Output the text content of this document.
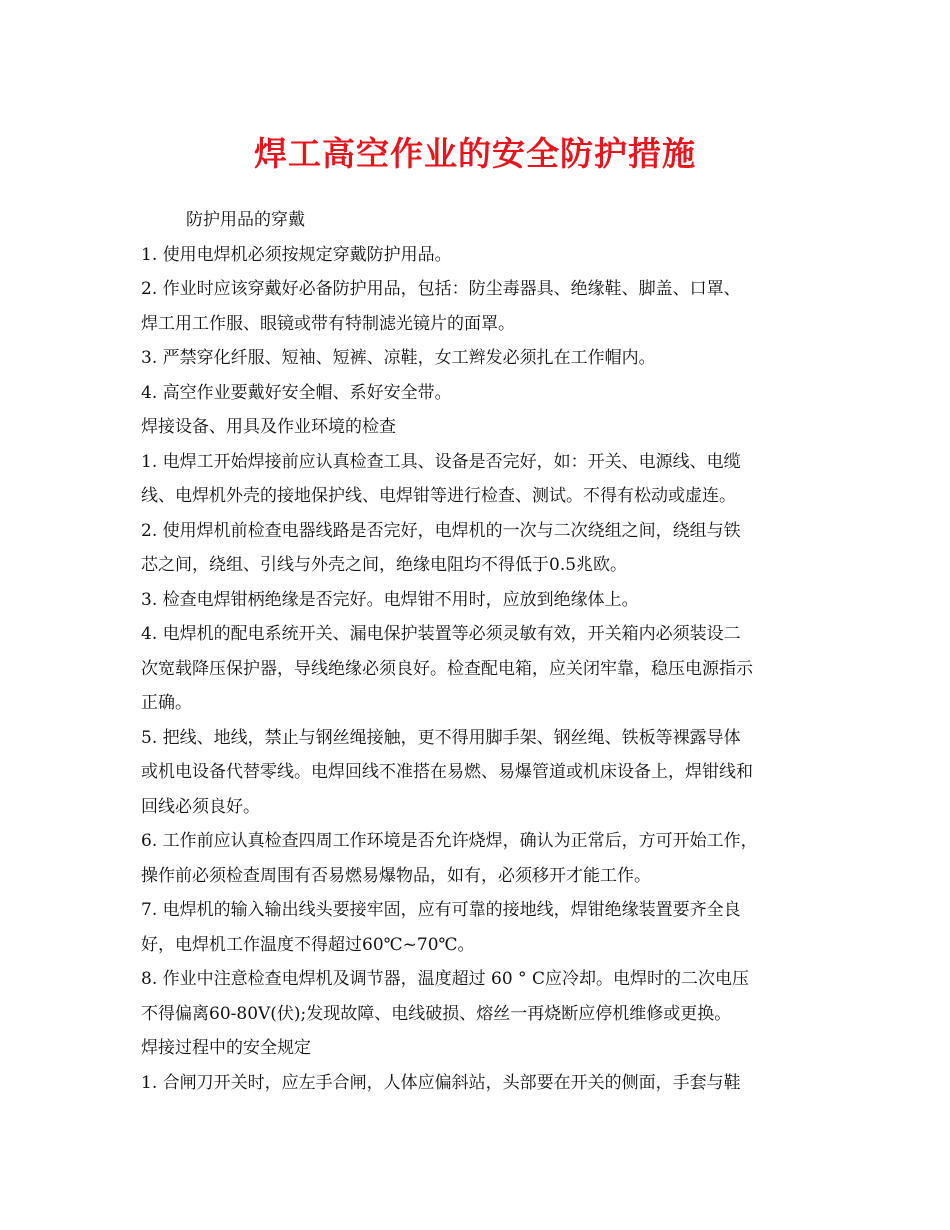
焊工高空作业的安全防护措施
防护用品的穿戴
1. 使用电焊机必须按规定穿戴防护用品。
2. 作业时应该穿戴好必备防护用品，包括：防尘毒器具、绝缘鞋、脚盖、口罩、
焊工用工作服、眼镜或带有特制滤光镜片的面罩。
3. 严禁穿化纤服、短袖、短裤、凉鞋，女工辫发必须扎在工作帽内。
4. 高空作业要戴好安全帽、系好安全带。
焊接设备、用具及作业环境的检查
1. 电焊工开始焊接前应认真检查工具、设备是否完好，如：开关、电源线、电缆
线、电焊机外壳的接地保护线、电焊钳等进行检查、测试。不得有松动或虚连。
2. 使用焊机前检查电器线路是否完好，电焊机的一次与二次绕组之间，绕组与铁
芯之间，绕组、引线与外壳之间，绝缘电阻均不得低于0.5兆欧。
3. 检查电焊钳柄绝缘是否完好。电焊钳不用时，应放到绝缘体上。
4. 电焊机的配电系统开关、漏电保护装置等必须灵敏有效，开关箱内必须装设二
次宽载降压保护器，导线绝缘必须良好。检查配电箱，应关闭牢靠，稳压电源指示
正确。
5. 把线、地线，禁止与钢丝绳接触，更不得用脚手架、钢丝绳、铁板等裸露导体
或机电设备代替零线。电焊回线不准搭在易燃、易爆管道或机床设备上，焊钳线和
回线必须良好。
6. 工作前应认真检查四周工作环境是否允许烧焊，确认为正常后，方可开始工作，
操作前必须检查周围有否易燃易爆物品，如有，必须移开才能工作。
7. 电焊机的输入输出线头要接牢固，应有可靠的接地线，焊钳绝缘装置要齐全良
好，电焊机工作温度不得超过60℃~70℃。
8. 作业中注意检查电焊机及调节器，温度超过 60 ° C应冷却。电焊时的二次电压
不得偏离60-80V(伏);发现故障、电线破损、熔丝一再烧断应停机维修或更换。
焊接过程中的安全规定
1. 合闸刀开关时，应左手合闸，人体应偏斜站，头部要在开关的侧面，手套与鞋
